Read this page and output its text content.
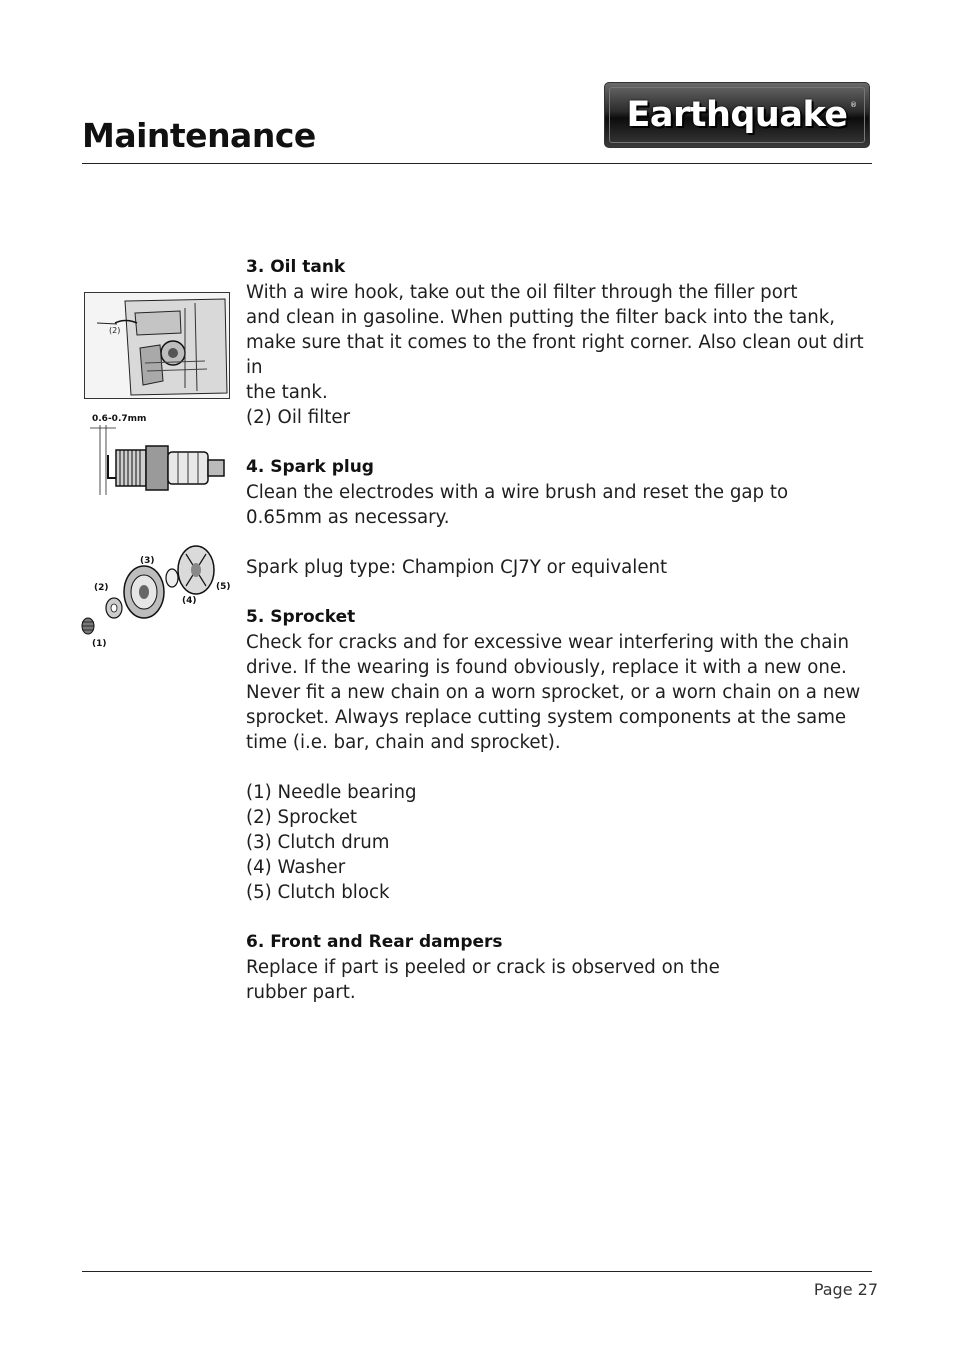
Maintenance
Earthquake ®
(2)
0.6-0.7mm
(1)
(2)
(3)
(4)
(5)
3. Oil tank

With a wire hook, take out the oil filter through the filler port

and clean in gasoline. When putting the filter back into the tank,

make sure that it comes to the front right corner. Also clean out dirt in

the tank.

(2) Oil filter

4. Spark plug

Clean the electrodes with a wire brush and reset the gap to

0.65mm as necessary.

Spark plug type: Champion CJ7Y or equivalent

5. Sprocket

Check for cracks and for excessive wear interfering with the chain

drive. If the wearing is found obviously, replace it with a new one.

Never fit a new chain on a worn sprocket, or a worn chain on a new

sprocket. Always replace cutting system components at the same

time (i.e. bar, chain and sprocket).

(1) Needle bearing

(2) Sprocket

(3) Clutch drum

(4) Washer

(5) Clutch block

6. Front and Rear dampers

Replace if part is peeled or crack is observed on the

rubber part.

Page 27
